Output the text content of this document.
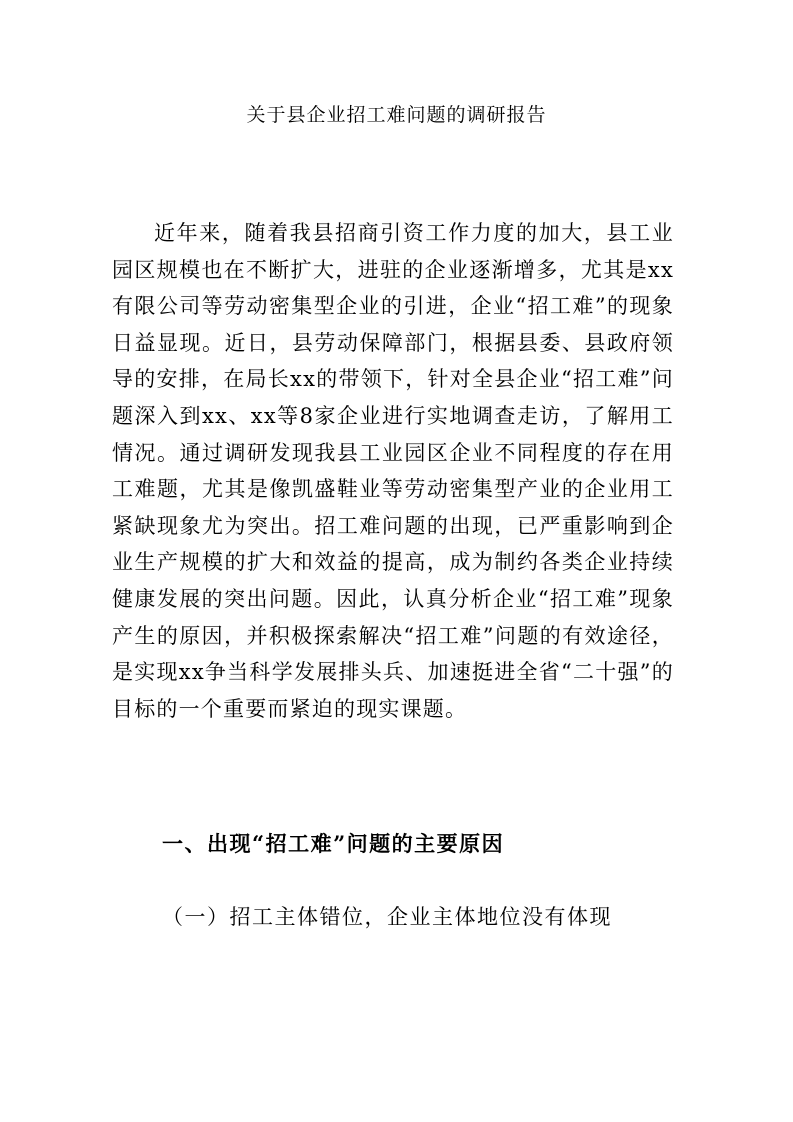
关于县企业招工难问题的调研报告

近年来，随着我县招商引资工作力度的加大，县工业园区规模也在不断扩大，进驻的企业逐渐增多，尤其是xx有限公司等劳动密集型企业的引进，企业“招工难”的现象日益显现。近日，县劳动保障部门，根据县委、县政府领导的安排，在局长xx的带领下，针对全县企业“招工难”问题深入到xx、xx等8家企业进行实地调查走访，了解用工情况。通过调研发现我县工业园区企业不同程度的存在用工难题，尤其是像凯盛鞋业等劳动密集型产业的企业用工紧缺现象尤为突出。招工难问题的出现，已严重影响到企业生产规模的扩大和效益的提高，成为制约各类企业持续健康发展的突出问题。因此，认真分析企业“招工难”现象产生的原因，并积极探索解决“招工难”问题的有效途径，是实现xx争当科学发展排头兵、加速挺进全省“二十强”的目标的一个重要而紧迫的现实课题。

一、出现“招工难”问题的主要原因
（一）招工主体错位，企业主体地位没有体现
